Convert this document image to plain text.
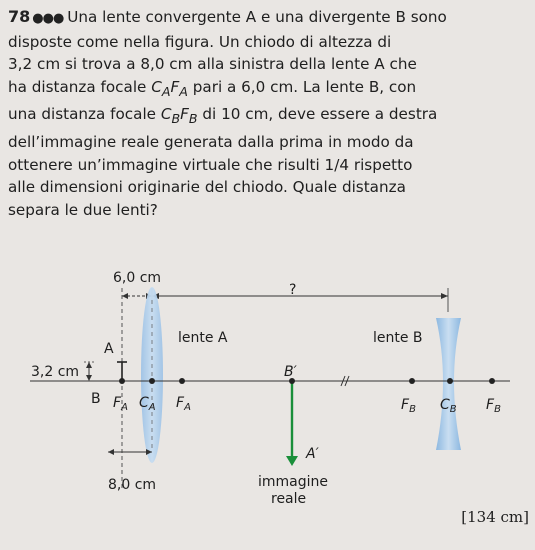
78 ●●● Una lente convergente A e una divergente B sono
disposte come nella figura. Un chiodo di altezza di
3,2 cm si trova a 8,0 cm alla sinistra della lente A che
ha distanza focale $C_AF_A$ pari a 6,0 cm. La lente B, con
una distanza focale $C_BF_B$ di 10 cm, deve essere a destra
dell’immagine reale generata dalla prima in modo da
ottenere un’immagine virtuale che risulti 1/4 rispetto
alle dimensioni originarie del chiodo. Quale distanza
separa le due lenti?
6,0 cm
?
lente A	lente B
A
B
3,2 cm
$F_A$ $C_A$ $F_A$
B′
A′
immagine
reale
$F_B$ $C_B$ $F_B$
8,0 cm
[134 cm]
